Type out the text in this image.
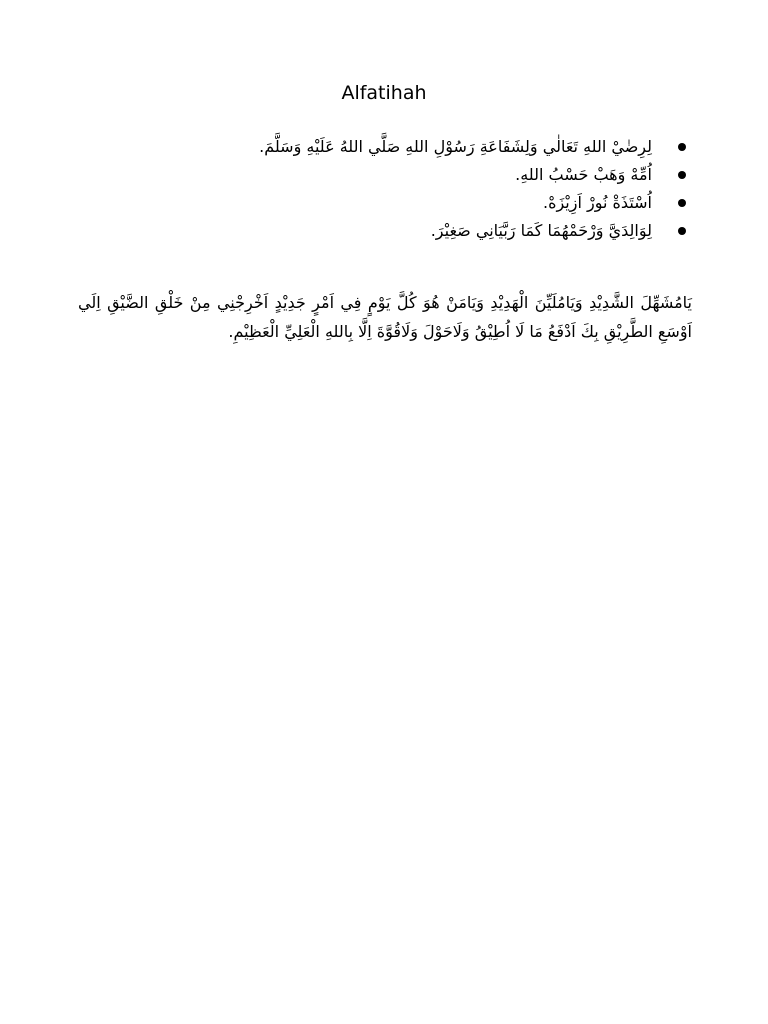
Alfatihah
لِرِضٰيْ اللهِ تَعَالٰي وَلِشَفَاعَةِ رَسُوْلِ اللهِ صَلَّي اللهُ عَلَيْهِ وَسَلَّمَ.
اُمِّهْ وَهَبْ حَسْبُ اللهِ.
اُسْتَذَةْ نُورْ اَزِيْزَهْ.
لِوَالِدَيَّ وَرْحَمْهُمَا كَمَا رَبَّيَانِي صَغِيْرَ.

يَامُشَهِّلَ الشَّدِيْدِ وَيَامُلَيِّنَ الْهَدِيْدِ وَيَامَنْ هُوَ كُلَّ يَوْمٍ فِي اَمْرٍ جَدِيْدٍ اَخْرِجْنِي مِنْ خَلْقِ الضَّيْقِ اِلَي اَوْسَعِ الطَّرِيْقِ بِكَ اَدْفَعُ مَا لَا اُطِيْقُ وَلَاحَوْلَ وَلَاقُوَّةَ اِلَّا بِاللهِ الْعَلِيِّ الْعَظِيْمِ.
